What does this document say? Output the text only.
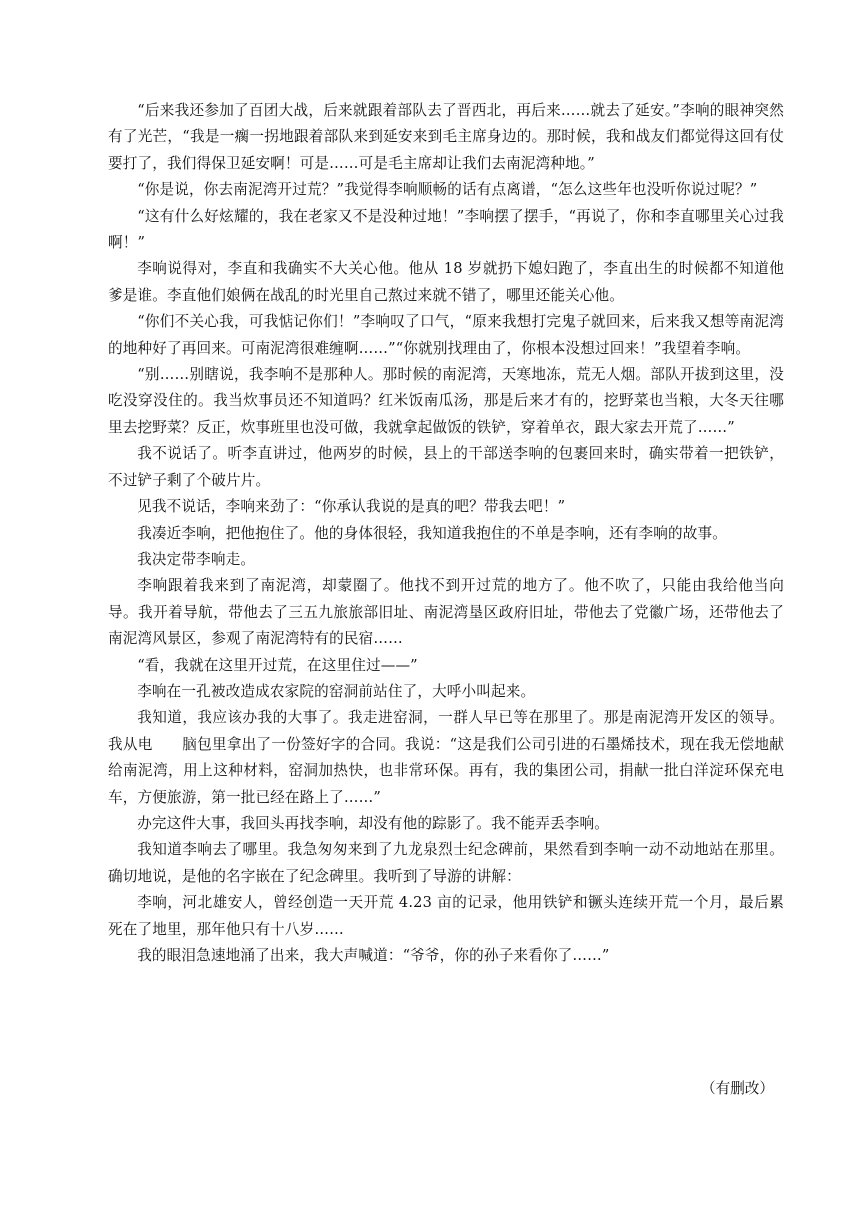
“后来我还参加了百团大战，后来就跟着部队去了晋西北，再后来……就去了延安。”李响的眼神突然有了光芒，“我是一瘸一拐地跟着部队来到延安来到毛主席身边的。那时候，我和战友们都觉得这回有仗要打了，我们得保卫延安啊！可是……可是毛主席却让我们去南泥湾种地。”

“你是说，你去南泥湾开过荒？”我觉得李响顺畅的话有点离谱，“怎么这些年也没听你说过呢？”

“这有什么好炫耀的，我在老家又不是没种过地！”李响摆了摆手，“再说了，你和李直哪里关心过我啊！”

李响说得对，李直和我确实不大关心他。他从 18 岁就扔下媳妇跑了，李直出生的时候都不知道他爹是谁。李直他们娘俩在战乱的时光里自己熬过来就不错了，哪里还能关心他。

“你们不关心我，可我惦记你们！”李响叹了口气，“原来我想打完鬼子就回来，后来我又想等南泥湾的地种好了再回来。可南泥湾很难缠啊……”“你就别找理由了，你根本没想过回来！”我望着李响。

“别……别瞎说，我李响不是那种人。那时候的南泥湾，天寒地冻，荒无人烟。部队开拔到这里，没吃没穿没住的。我当炊事员还不知道吗？红米饭南瓜汤，那是后来才有的，挖野菜也当粮，大冬天往哪里去挖野菜？反正，炊事班里也没可做，我就拿起做饭的铁铲，穿着单衣，跟大家去开荒了……”

我不说话了。听李直讲过，他两岁的时候，县上的干部送李响的包裹回来时，确实带着一把铁铲，不过铲子剩了个破片片。

见我不说话，李响来劲了：“你承认我说的是真的吧？带我去吧！”

我凑近李响，把他抱住了。他的身体很轻，我知道我抱住的不单是李响，还有李响的故事。

我决定带李响走。

李响跟着我来到了南泥湾，却蒙圈了。他找不到开过荒的地方了。他不吹了，只能由我给他当向导。我开着导航，带他去了三五九旅旅部旧址、南泥湾垦区政府旧址，带他去了党徽广场，还带他去了南泥湾风景区，参观了南泥湾特有的民宿……

“看，我就在这里开过荒，在这里住过——”

李响在一孔被改造成农家院的窑洞前站住了，大呼小叫起来。

我知道，我应该办我的大事了。我走进窑洞，一群人早已等在那里了。那是南泥湾开发区的领导。我从电　　脑包里拿出了一份签好字的合同。我说：“这是我们公司引进的石墨烯技术，现在我无偿地献给南泥湾，用上这种材料，窑洞加热快，也非常环保。再有，我的集团公司，捐献一批白洋淀环保充电车，方便旅游，第一批已经在路上了……”

办完这件大事，我回头再找李响，却没有他的踪影了。我不能弄丢李响。

我知道李响去了哪里。我急匆匆来到了九龙泉烈士纪念碑前，果然看到李响一动不动地站在那里。确切地说，是他的名字嵌在了纪念碑里。我听到了导游的讲解：

李响，河北雄安人，曾经创造一天开荒 4.23 亩的记录，他用铁铲和镢头连续开荒一个月，最后累死在了地里，那年他只有十八岁……

我的眼泪急速地涌了出来，我大声喊道：“爷爷，你的孙子来看你了……”

（有删改）
